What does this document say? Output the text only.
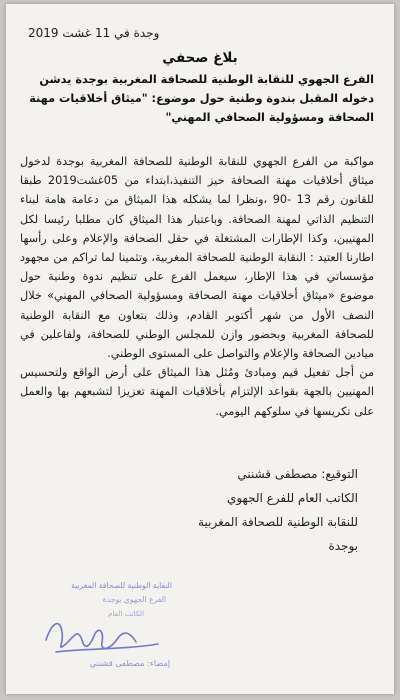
وجدة في 11 غشت 2019
بلاغ صحفي
الفرع الجهوي للنقابة الوطنية للصحافة المغربية بوجدة يدشن دخوله المقبل بندوة وطنية حول موضوع: "ميثاق أخلاقيات مهنة الصحافة ومسؤولية الصحافي المهني"

مواكبة من الفرع الجهوي للنقابة الوطنية للصحافة المغربية بوجدة لدخول ميثاق أخلاقيات مهنة الصحافة حيز التنفيذ،ابتداء من 05غشت2019 طبقا للقانون رقم 13 -90 ،ونظرا لما يشكله هذا الميثاق من دعامة هامة لبناء التنظيم الذاتي لمهنة الصحافة. وباعتبار هذا الميثاق كان مطلبا رئيسا لكل المهنيين، وكذا الإطارات المشتغلة في حقل الصحافة والإعلام وعلى رأسها اطارنا العتيد : النقابة الوطنية للصحافة المغربية، وتثمينا لما تراكم من مجهود مؤسساتي في هذا الإطار، سيعمل الفرع على تنظيم ندوة وطنية حول موضوع «ميثاق أخلاقيات مهنة الصحافة ومسؤولية الصحافي المهني» خلال النصف الأول من شهر أكتوبر القادم، وذلك بتعاون مع النقابة الوطنية للصحافة المغربية وبحضور وازن للمجلس الوطني للصحافة، ولفاعلين في ميادين الصحافة والإعلام والتواصل على المستوى الوطني.

من أجل تفعيل قيم ومبادئ ومُثل هذا الميثاق على أرض الواقع ولتحسيس المهنيين بالجهة بقواعد الإلتزام بأخلاقيات المهنة تعزيزا لتشبعهم بها والعمل على تكريسها في سلوكهم اليومي.

التوقيع: مصطفى قشنني
الكاتب العام للفرع الجهوي
للنقابة الوطنية للصحافة المغربية
بوجدة
النقابة الوطنية للصحافة المغربية
الفرع الجهوي بوجدة
الكاتب العام
إمضاء: مصطفى قشنني
